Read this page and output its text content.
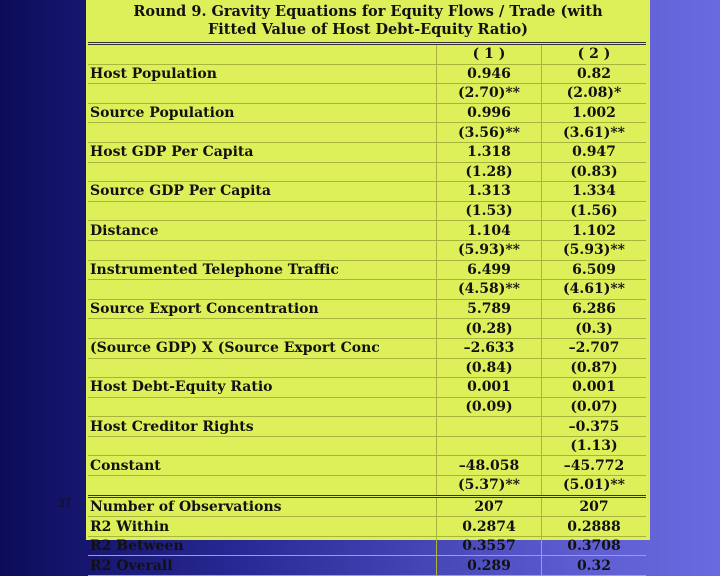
Round 9. Gravity Equations for Equity Flows / Trade (with
Fitted Value of Host Debt-Equity Ratio)
	( 1 )	( 2 )
Host Population	0.946	0.82
	(2.70)**	(2.08)*
Source Population	0.996	1.002
	(3.56)**	(3.61)**
Host GDP Per Capita	1.318	0.947
	(1.28)	(0.83)
Source GDP Per Capita	1.313	1.334
	(1.53)	(1.56)
Distance	1.104	1.102
	(5.93)**	(5.93)**
Instrumented Telephone Traffic	6.499	6.509
	(4.58)**	(4.61)**
Source Export Concentration	5.789	6.286
	(0.28)	(0.3)
(Source GDP) X (Source Export Conc	–2.633	–2.707
	(0.84)	(0.87)
Host Debt-Equity Ratio	0.001	0.001
	(0.09)	(0.07)
Host Creditor Rights		–0.375
		(1.13)
Constant	–48.058	–45.772
	(5.37)**	(5.01)**
Number of Observations	207	207
R2 Within	0.2874	0.2888
R2 Between	0.3557	0.3708
R2 Overall	0.289	0.32
37
